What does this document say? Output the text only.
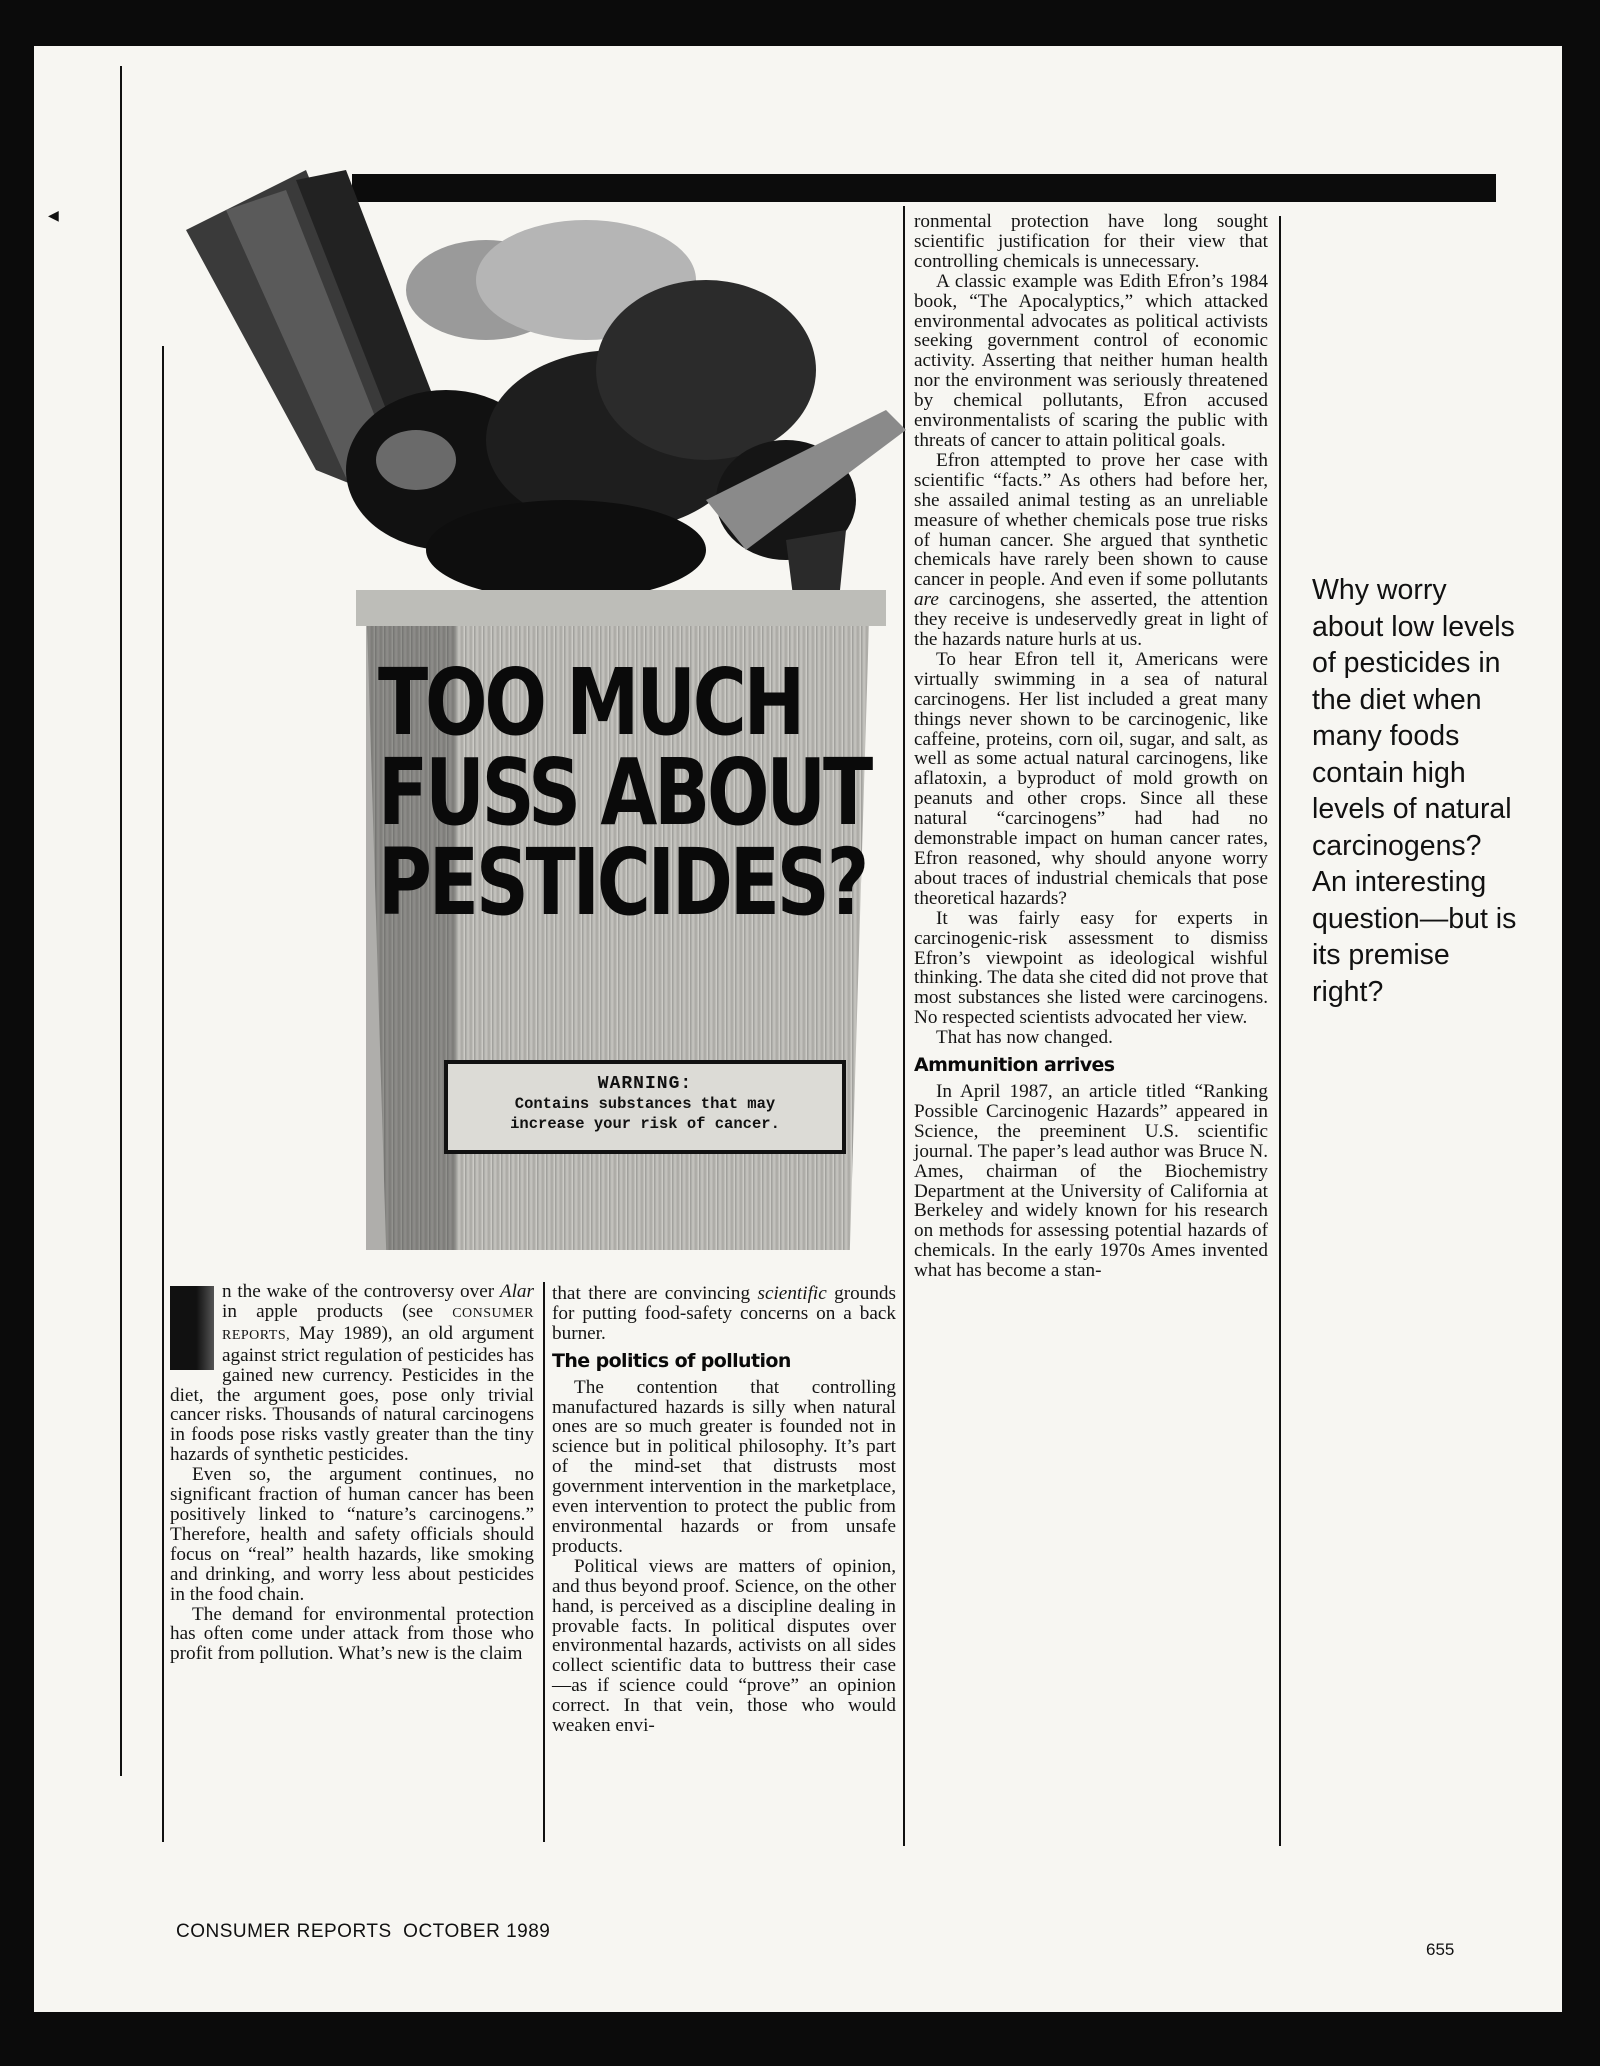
◀
TOO MUCH
FUSS ABOUT
PESTICIDES?
WARNING:
Contains substances that may
increase your risk of cancer.

n the wake of the controversy over Alar in apple products (see CONSUMER REPORTS, May 1989), an old argument against strict regulation of pesticides has gained new currency. Pesticides in the diet, the argument goes, pose only trivial cancer risks. Thousands of natural carcinogens in foods pose risks vastly greater than the tiny hazards of synthetic pesticides.

Even so, the argument continues, no significant fraction of human cancer has been positively linked to “nature’s carcinogens.” Therefore, health and safety officials should focus on “real” health hazards, like smoking and drinking, and worry less about pesticides in the food chain.

The demand for environmental protection has often come under attack from those who profit from pollution. What’s new is the claim

that there are convincing scientific grounds for putting food-safety concerns on a back burner.

The politics of pollution

The contention that controlling manufactured hazards is silly when natural ones are so much greater is founded not in science but in political philosophy. It’s part of the mind-set that distrusts most government intervention in the marketplace, even intervention to protect the public from environmental hazards or from unsafe products.

Political views are matters of opinion, and thus beyond proof. Science, on the other hand, is perceived as a discipline dealing in provable facts. In political disputes over environmental hazards, activists on all sides collect scientific data to buttress their case—as if science could “prove” an opinion correct. In that vein, those who would weaken envi-

ronmental protection have long sought scientific justification for their view that controlling chemicals is unnecessary.

A classic example was Edith Efron’s 1984 book, “The Apocalyptics,” which attacked environmental advocates as political activists seeking government control of economic activity. Asserting that neither human health nor the environment was seriously threatened by chemical pollutants, Efron accused environmentalists of scaring the public with threats of cancer to attain political goals.

Efron attempted to prove her case with scientific “facts.” As others had before her, she assailed animal testing as an unreliable measure of whether chemicals pose true risks of human cancer. She argued that synthetic chemicals have rarely been shown to cause cancer in people. And even if some pollutants are carcinogens, she asserted, the attention they receive is undeservedly great in light of the hazards nature hurls at us.

To hear Efron tell it, Americans were virtually swimming in a sea of natural carcinogens. Her list included a great many things never shown to be carcinogenic, like caffeine, proteins, corn oil, sugar, and salt, as well as some actual natural carcinogens, like aflatoxin, a byproduct of mold growth on peanuts and other crops. Since all these natural “carcinogens” had had no demonstrable impact on human cancer rates, Efron reasoned, why should anyone worry about traces of industrial chemicals that pose theoretical hazards?

It was fairly easy for experts in carcinogenic-risk assessment to dismiss Efron’s viewpoint as ideological wishful thinking. The data she cited did not prove that most substances she listed were carcinogens. No respected scientists advocated her view.

That has now changed.

Ammunition arrives

In April 1987, an article titled “Ranking Possible Carcinogenic Hazards” appeared in Science, the preeminent U.S. scientific journal. The paper’s lead author was Bruce N. Ames, chairman of the Biochemistry Department at the University of California at Berkeley and widely known for his research on methods for assessing potential hazards of chemicals. In the early 1970s Ames invented what has become a stan-

Why worry about low levels of pesticides in the diet when many foods contain high levels of natural carcinogens? An interesting question—but is its premise right?
CONSUMER REPORTS  OCTOBER 1989
655
